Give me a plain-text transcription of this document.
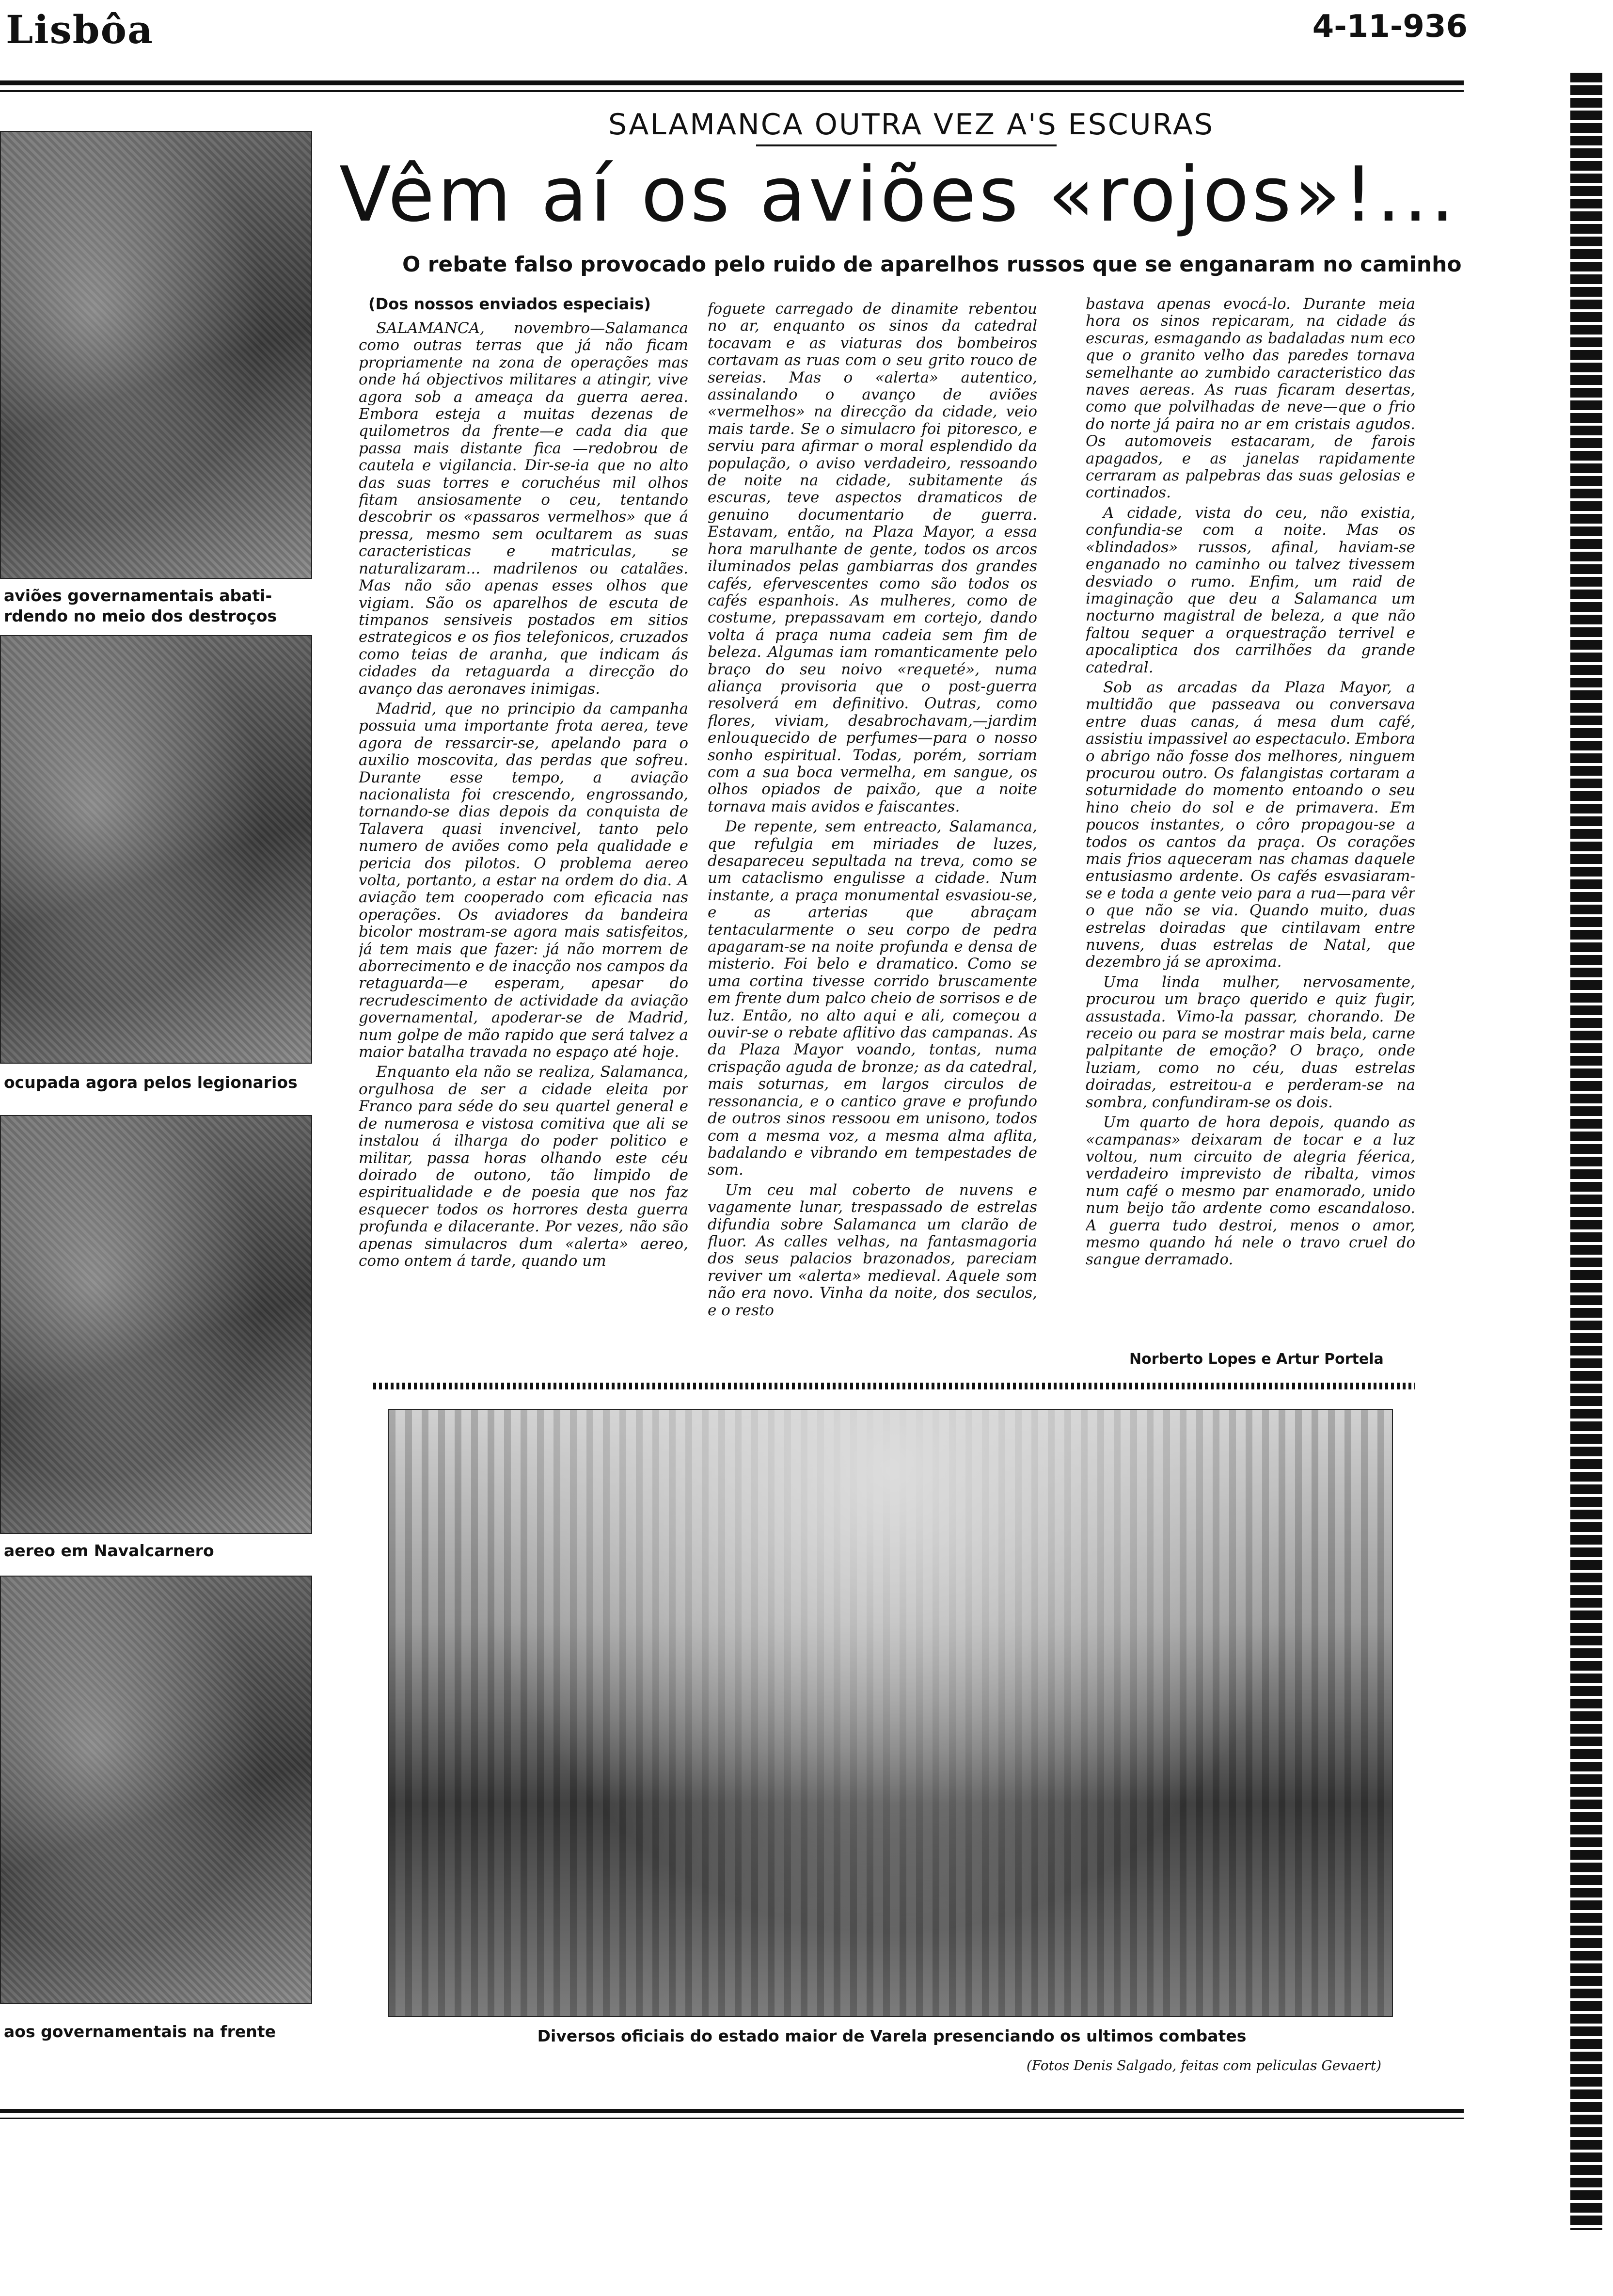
Lisbôa	4-11-936
aviões governamentais abati- rdendo no meio dos destroços
ocupada agora pelos legionarios
aereo em Navalcarnero
aos governamentais na frente
SALAMANCA OUTRA VEZ A'S ESCURAS
Vêm aí os aviões «rojos»!...
O rebate falso provocado pelo ruido de aparelhos russos que se enganaram no caminho
(Dos nossos enviados especiais)

SALAMANCA, novembro—Salamanca como outras terras que já não ficam propriamente na zona de operações mas onde há objectivos militares a atingir, vive agora sob a ameaça da guerra aerea. Embora esteja a muitas dezenas de quilometros da frente—e cada dia que passa mais distante fica —redobrou de cautela e vigilancia. Dir-se-ia que no alto das suas torres e coruchéus mil olhos fitam ansiosamente o ceu, tentando descobrir os «passaros vermelhos» que á pressa, mesmo sem ocultarem as suas caracteristicas e matriculas, se naturalizaram... madrilenos ou catalães. Mas não são apenas esses olhos que vigiam. São os aparelhos de escuta de timpanos sensiveis postados em sitios estrategicos e os fios telefonicos, cruzados como teias de aranha, que indicam ás cidades da retaguarda a direcção do avanço das aeronaves inimigas.

Madrid, que no principio da campanha possuia uma importante frota aerea, teve agora de ressarcir-se, apelando para o auxilio moscovita, das perdas que sofreu. Durante esse tempo, a aviação nacionalista foi crescendo, engrossando, tornando-se dias depois da conquista de Talavera quasi invencivel, tanto pelo numero de aviões como pela qualidade e pericia dos pilotos. O problema aereo volta, portanto, a estar na ordem do dia. A aviação tem cooperado com eficacia nas operações. Os aviadores da bandeira bicolor mostram-se agora mais satisfeitos, já tem mais que fazer: já não morrem de aborrecimento e de inacção nos campos da retaguarda—e esperam, apesar do recrudescimento de actividade da aviação governamental, apoderar-se de Madrid, num golpe de mão rapido que será talvez a maior batalha travada no espaço até hoje.

Enquanto ela não se realiza, Salamanca, orgulhosa de ser a cidade eleita por Franco para séde do seu quartel general e de numerosa e vistosa comitiva que ali se instalou á ilharga do poder politico e militar, passa horas olhando este céu doirado de outono, tão limpido de espiritualidade e de poesia que nos faz esquecer todos os horrores desta guerra profunda e dilacerante. Por vezes, não são apenas simulacros dum «alerta» aereo, como ontem á tarde, quando um

foguete carregado de dinamite rebentou no ar, enquanto os sinos da catedral tocavam e as viaturas dos bombeiros cortavam as ruas com o seu grito rouco de sereias. Mas o «alerta» autentico, assinalando o avanço de aviões «vermelhos» na direcção da cidade, veio mais tarde. Se o simulacro foi pitoresco, e serviu para afirmar o moral esplendido da população, o aviso verdadeiro, ressoando de noite na cidade, subitamente ás escuras, teve aspectos dramaticos de genuino documentario de guerra. Estavam, então, na Plaza Mayor, a essa hora marulhante de gente, todos os arcos iluminados pelas gambiarras dos grandes cafés, efervescentes como são todos os cafés espanhois. As mulheres, como de costume, prepassavam em cortejo, dando volta á praça numa cadeia sem fim de beleza. Algumas iam romanticamente pelo braço do seu noivo «requeté», numa aliança provisoria que o post-guerra resolverá em definitivo. Outras, como flores, viviam, desabrochavam,—jardim enlouquecido de perfumes—para o nosso sonho espiritual. Todas, porém, sorriam com a sua boca vermelha, em sangue, os olhos opiados de paixão, que a noite tornava mais avidos e faiscantes.

De repente, sem entreacto, Salamanca, que refulgia em miriades de luzes, desapareceu sepultada na treva, como se um cataclismo engulisse a cidade. Num instante, a praça monumental esvasiou-se, e as arterias que abraçam tentacularmente o seu corpo de pedra apagaram-se na noite profunda e densa de misterio. Foi belo e dramatico. Como se uma cortina tivesse corrido bruscamente em frente dum palco cheio de sorrisos e de luz. Então, no alto aqui e ali, começou a ouvir-se o rebate aflitivo das campanas. As da Plaza Mayor voando, tontas, numa crispação aguda de bronze; as da catedral, mais soturnas, em largos circulos de ressonancia, e o cantico grave e profundo de outros sinos ressoou em unisono, todos com a mesma voz, a mesma alma aflita, badalando e vibrando em tempestades de som.

Um ceu mal coberto de nuvens e vagamente lunar, trespassado de estrelas difundia sobre Salamanca um clarão de fluor. As calles velhas, na fantasmagoria dos seus palacios brazonados, pareciam reviver um «alerta» medieval. Aquele som não era novo. Vinha da noite, dos seculos, e o resto

bastava apenas evocá-lo. Durante meia hora os sinos repicaram, na cidade ás escuras, esmagando as badaladas num eco que o granito velho das paredes tornava semelhante ao zumbido caracteristico das naves aereas. As ruas ficaram desertas, como que polvilhadas de neve—que o frio do norte já paira no ar em cristais agudos. Os automoveis estacaram, de farois apagados, e as janelas rapidamente cerraram as palpebras das suas gelosias e cortinados.

A cidade, vista do ceu, não existia, confundia-se com a noite. Mas os «blindados» russos, afinal, haviam-se enganado no caminho ou talvez tivessem desviado o rumo. Enfim, um raid de imaginação que deu a Salamanca um nocturno magistral de beleza, a que não faltou sequer a orquestração terrivel e apocaliptica dos carrilhões da grande catedral.

Sob as arcadas da Plaza Mayor, a multidão que passeava ou conversava entre duas canas, á mesa dum café, assistiu impassivel ao espectaculo. Embora o abrigo não fosse dos melhores, ninguem procurou outro. Os falangistas cortaram a soturnidade do momento entoando o seu hino cheio do sol e de primavera. Em poucos instantes, o côro propagou-se a todos os cantos da praça. Os corações mais frios aqueceram nas chamas daquele entusiasmo ardente. Os cafés esvasiaram-se e toda a gente veio para a rua—para vêr o que não se via. Quando muito, duas estrelas doiradas que cintilavam entre nuvens, duas estrelas de Natal, que dezembro já se aproxima.

Uma linda mulher, nervosamente, procurou um braço querido e quiz fugir, assustada. Vimo-la passar, chorando. De receio ou para se mostrar mais bela, carne palpitante de emoção? O braço, onde luziam, como no céu, duas estrelas doiradas, estreitou-a e perderam-se na sombra, confundiram-se os dois.

Um quarto de hora depois, quando as «campanas» deixaram de tocar e a luz voltou, num circuito de alegria féerica, verdadeiro imprevisto de ribalta, vimos num café o mesmo par enamorado, unido num beijo tão ardente como escandaloso. A guerra tudo destroi, menos o amor, mesmo quando há nele o travo cruel do sangue derramado.

Norberto Lopes e Artur Portela
Diversos oficiais do estado maior de Varela presenciando os ultimos combates
(Fotos Denis Salgado, feitas com peliculas Gevaert)
